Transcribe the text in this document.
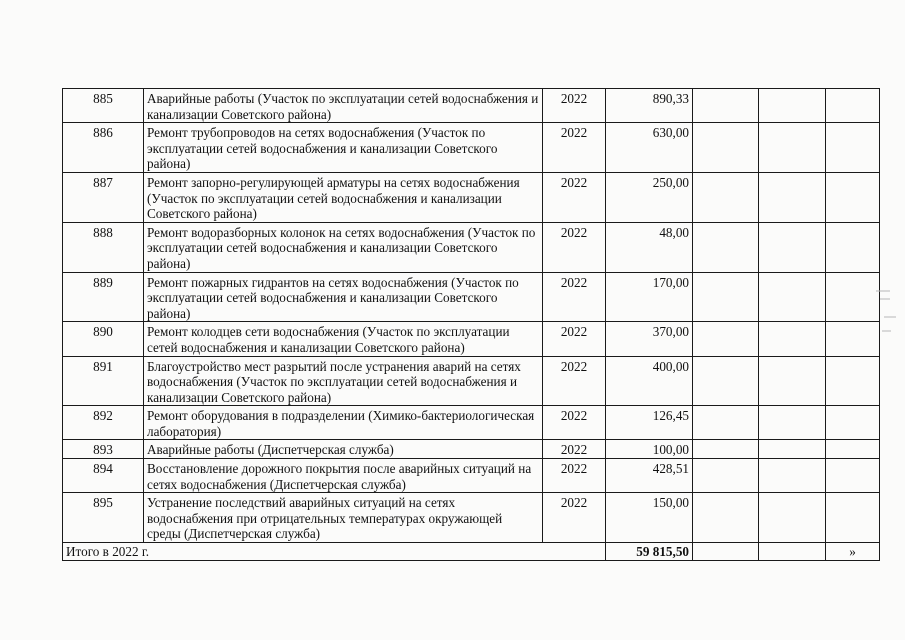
885	Аварийные работы (Участок по эксплуатации сетей водоснабжения и канализации Советского района)	2022	890,33			
886	Ремонт трубопроводов на сетях водоснабжения (Участок по эксплуатации сетей водоснабжения и канализации Советского района)	2022	630,00			
887	Ремонт запорно-регулирующей арматуры на сетях водоснабжения (Участок по эксплуатации сетей водоснабжения и канализации Советского района)	2022	250,00			
888	Ремонт водоразборных колонок на сетях водоснабжения (Участок по эксплуатации сетей водоснабжения и канализации Советского района)	2022	48,00			
889	Ремонт пожарных гидрантов на сетях водоснабжения (Участок по эксплуатации сетей водоснабжения и канализации Советского района)	2022	170,00			
890	Ремонт колодцев сети водоснабжения (Участок по эксплуатации сетей водоснабжения и канализации Советского района)	2022	370,00			
891	Благоустройство мест разрытий после устранения аварий на сетях водоснабжения (Участок по эксплуатации сетей водоснабжения и канализации Советского района)	2022	400,00			
892	Ремонт оборудования в подразделении (Химико-бактериологическая лаборатория)	2022	126,45			
893	Аварийные работы (Диспетчерская служба)	2022	100,00			
894	Восстановление дорожного покрытия после аварийных ситуаций на сетях водоснабжения (Диспетчерская служба)	2022	428,51			
895	Устранение последствий аварийных ситуаций на сетях водоснабжения при отрицательных температурах окружающей среды (Диспетчерская служба)	2022	150,00			
Итого в 2022 г.			59 815,50			»
